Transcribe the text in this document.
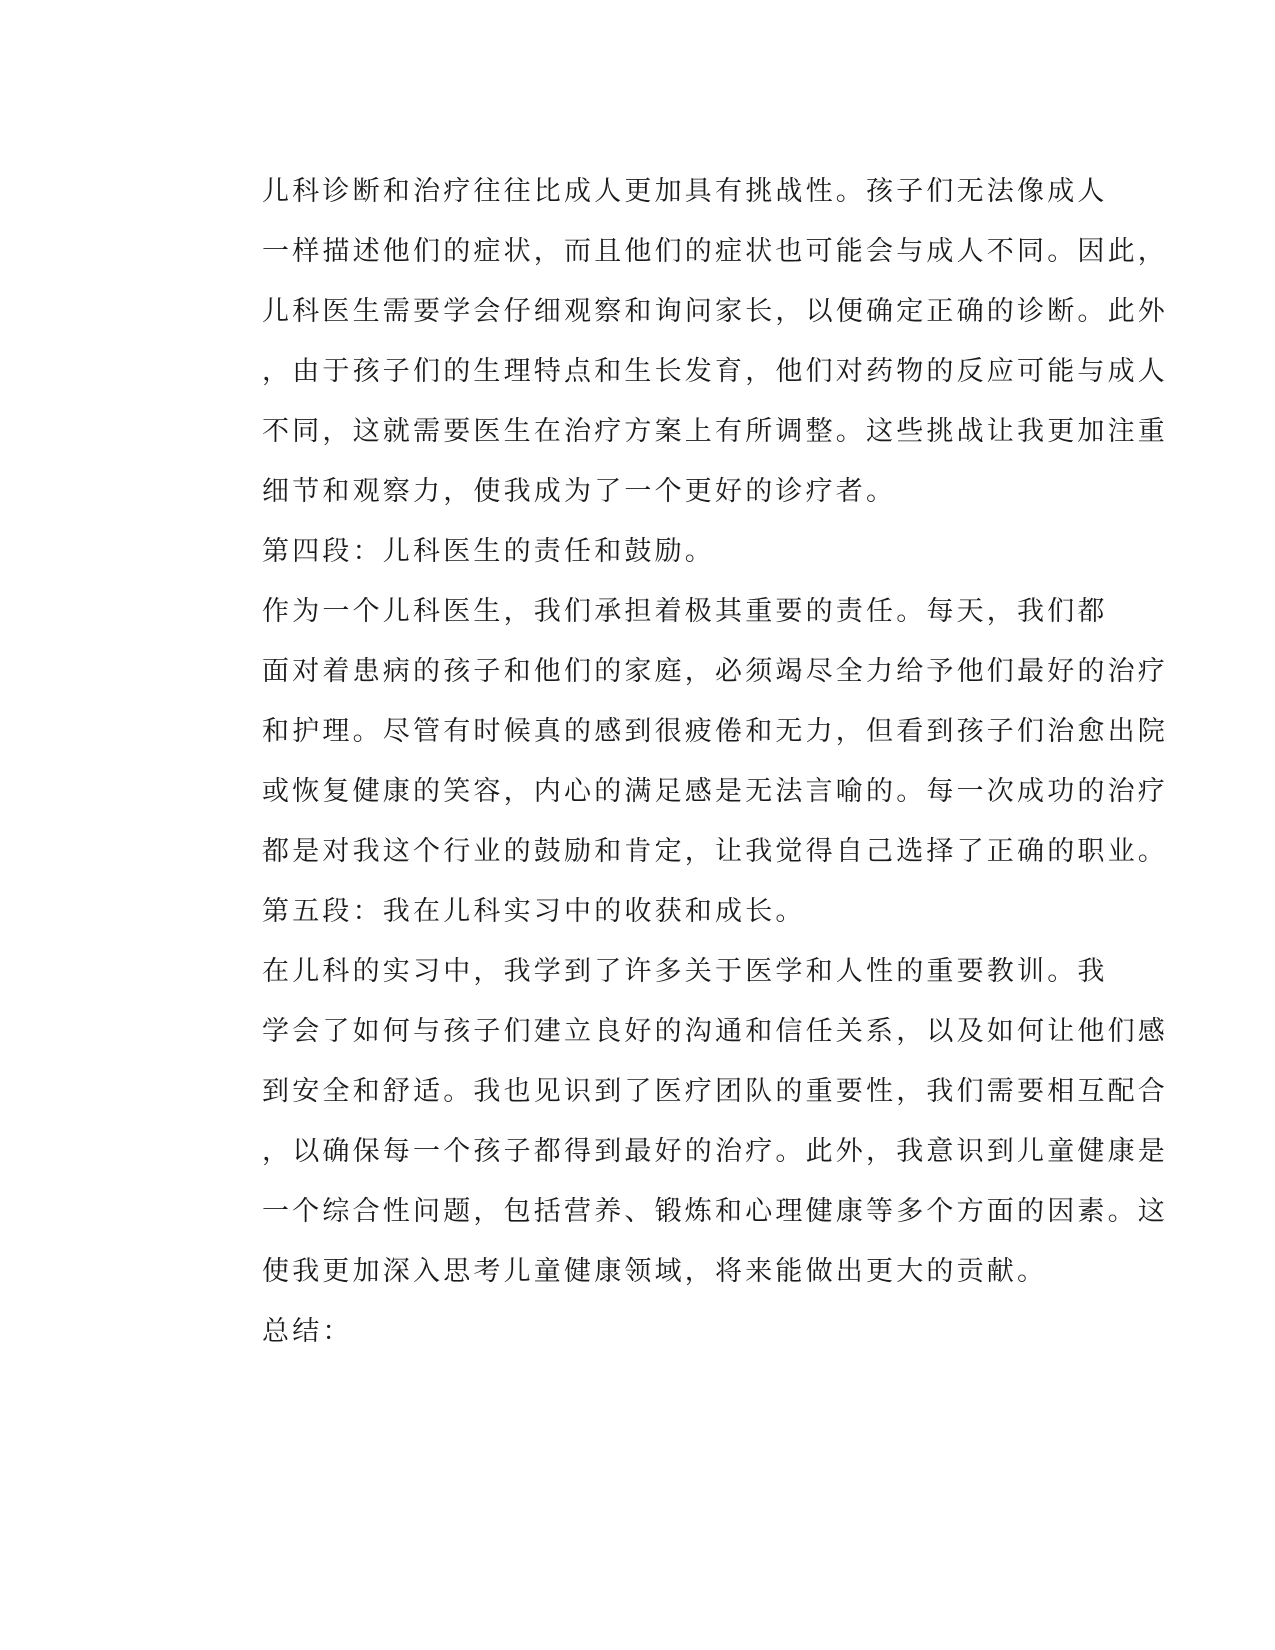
儿科诊断和治疗往往比成人更加具有挑战性。孩子们无法像成人
一样描述他们的症状，而且他们的症状也可能会与成人不同。因此，
儿科医生需要学会仔细观察和询问家长，以便确定正确的诊断。此外
，由于孩子们的生理特点和生长发育，他们对药物的反应可能与成人
不同，这就需要医生在治疗方案上有所调整。这些挑战让我更加注重
细节和观察力，使我成为了一个更好的诊疗者。

第四段：儿科医生的责任和鼓励。

作为一个儿科医生，我们承担着极其重要的责任。每天，我们都
面对着患病的孩子和他们的家庭，必须竭尽全力给予他们最好的治疗
和护理。尽管有时候真的感到很疲倦和无力，但看到孩子们治愈出院
或恢复健康的笑容，内心的满足感是无法言喻的。每一次成功的治疗
都是对我这个行业的鼓励和肯定，让我觉得自己选择了正确的职业。

第五段：我在儿科实习中的收获和成长。

在儿科的实习中，我学到了许多关于医学和人性的重要教训。我
学会了如何与孩子们建立良好的沟通和信任关系，以及如何让他们感
到安全和舒适。我也见识到了医疗团队的重要性，我们需要相互配合
，以确保每一个孩子都得到最好的治疗。此外，我意识到儿童健康是
一个综合性问题，包括营养、锻炼和心理健康等多个方面的因素。这
使我更加深入思考儿童健康领域，将来能做出更大的贡献。

总结：
